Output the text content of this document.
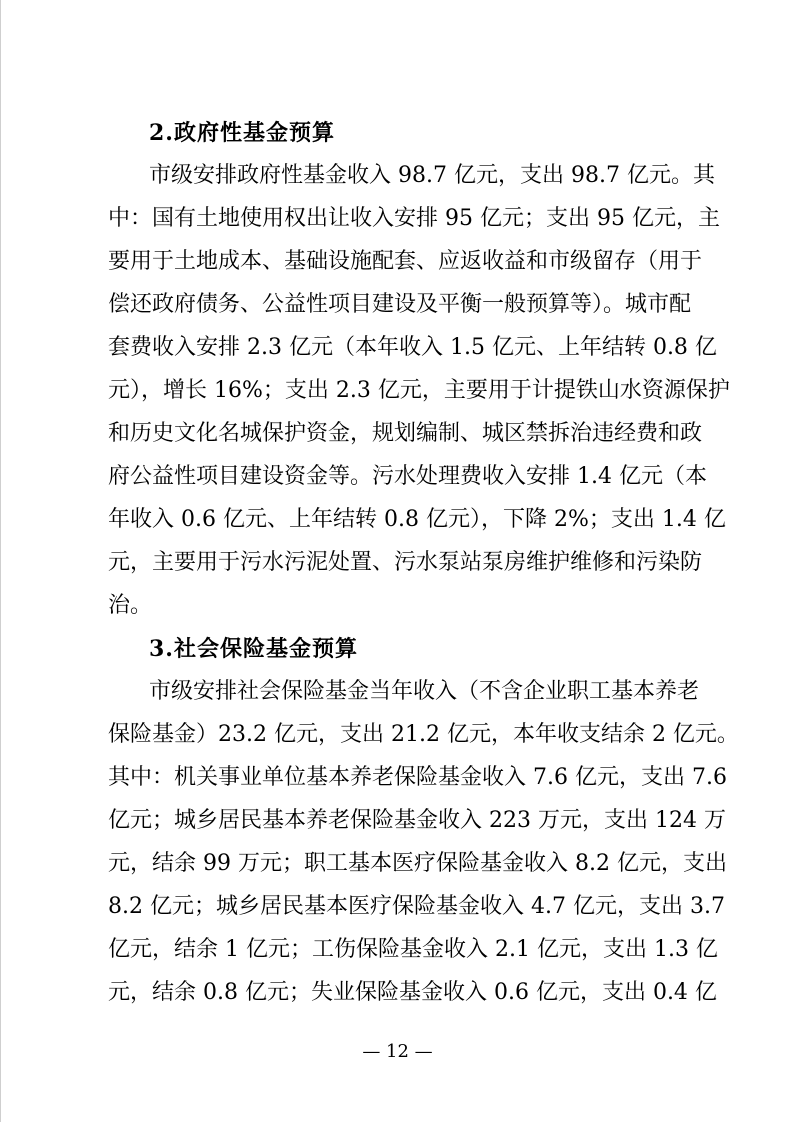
2.政府性基金预算
市级安排政府性基金收入 98.7 亿元，支出 98.7 亿元。其
中：国有土地使用权出让收入安排 95 亿元；支出 95 亿元，主
要用于土地成本、基础设施配套、应返收益和市级留存（用于
偿还政府债务、公益性项目建设及平衡一般预算等）。城市配
套费收入安排 2.3 亿元（本年收入 1.5 亿元、上年结转 0.8 亿
元），增长 16%；支出 2.3 亿元，主要用于计提铁山水资源保护
和历史文化名城保护资金，规划编制、城区禁拆治违经费和政
府公益性项目建设资金等。污水处理费收入安排 1.4 亿元（本
年收入 0.6 亿元、上年结转 0.8 亿元），下降 2%；支出 1.4 亿
元，主要用于污水污泥处置、污水泵站泵房维护维修和污染防
治。
3.社会保险基金预算
市级安排社会保险基金当年收入（不含企业职工基本养老
保险基金）23.2 亿元，支出 21.2 亿元，本年收支结余 2 亿元。
其中：机关事业单位基本养老保险基金收入 7.6 亿元，支出 7.6
亿元；城乡居民基本养老保险基金收入 223 万元，支出 124 万
元，结余 99 万元；职工基本医疗保险基金收入 8.2 亿元，支出
8.2 亿元；城乡居民基本医疗保险基金收入 4.7 亿元，支出 3.7
亿元，结余 1 亿元；工伤保险基金收入 2.1 亿元，支出 1.3 亿
元，结余 0.8 亿元；失业保险基金收入 0.6 亿元，支出 0.4 亿
— 12 —
